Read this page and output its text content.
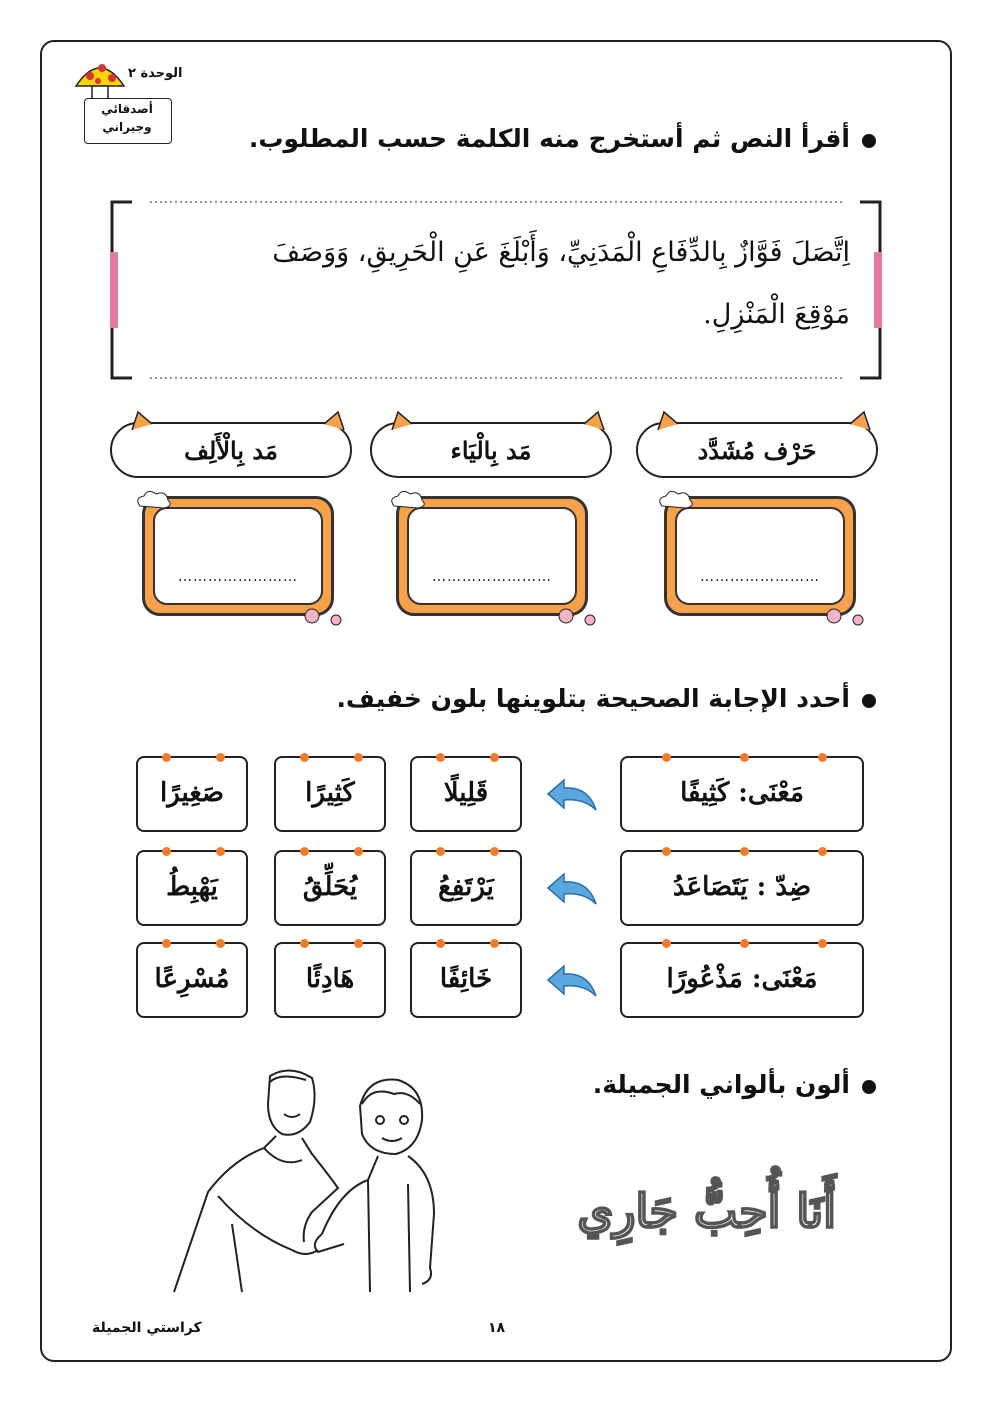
الوحدة ٢
أصدقائي
وجيراني	أقرأ النص ثم أستخرج منه الكلمة حسب المطلوب.
اِتَّصَلَ فَوَّازٌ بِالدِّفَاعِ الْمَدَنِيِّ، وَأَبْلَغَ عَنِ الْحَرِيقِ، وَوَصَفَ
مَوْقِعَ الْمَنْزِلِ.
حَرْف مُشَدَّد
مَد بِالْيَاء
مَد بِالْأَلِف
……………………
……………………
……………………
أحدد الإجابة الصحيحة بتلوينها بلون خفيف.
مَعْنَى: كَثِيفًا
قَلِيلًا
كَثِيرًا
صَغِيرًا
ضِدّ : يَتَصَاعَدُ
يَرْتَفِعُ
يُحَلِّقُ
يَهْبِطُ
مَعْنَى: مَذْعُورًا
خَائِفًا
هَادِئًا
مُسْرِعًا
ألون بألواني الجميلة.
أَنَا أُحِبُّ جَارِي
كراستي الجميلة	١٨
